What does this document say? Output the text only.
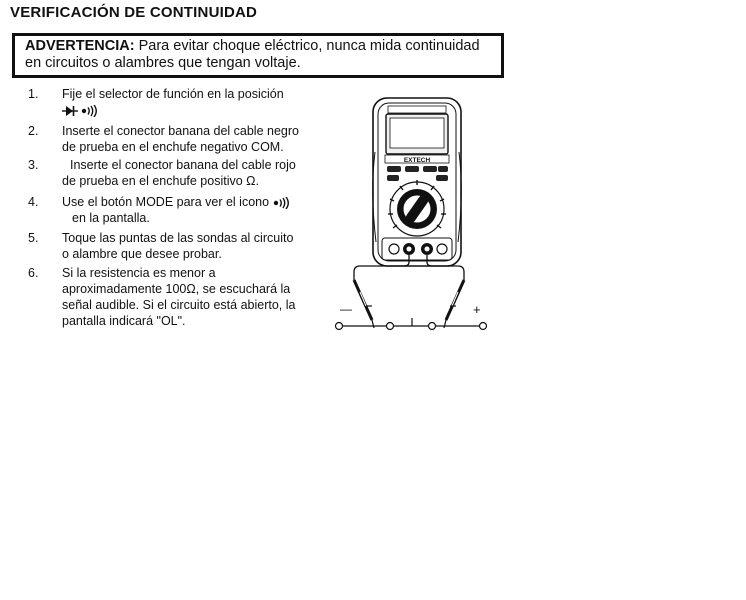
VERIFICACIÓN DE CONTINUIDAD
ADVERTENCIA: Para evitar choque eléctrico, nunca mida continuidad en circuitos o alambres que tengan voltaje.
1. Fije el selector de función en la posición

2. Inserte el conector banana del cable negro
de prueba en el enchufe negativo COM.
3.	Inserte el conector banana del cable rojo
de prueba en el enchufe positivo Ω.
4. Use el botón MODE para ver el icono
en la pantalla.
5. Toque las puntas de las sondas al circuito
o alambre que desee probar.
6. Si la resistencia es menor a
aproximadamente 100Ω, se escuchará la
señal audible. Si el circuito está abierto, la
pantalla indicará "OL".
EXTECH
—	+
